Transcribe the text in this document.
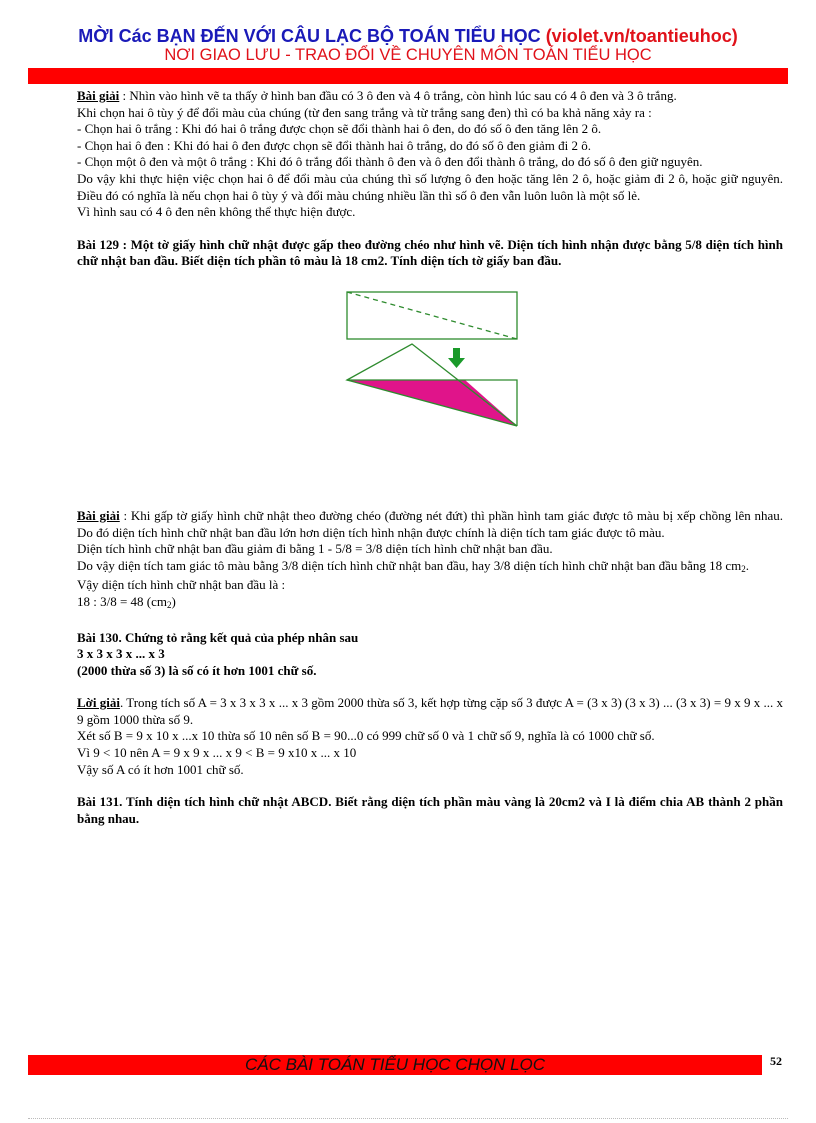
MỜI Các BẠN ĐẾN VỚI CÂU LẠC BỘ TOÁN TIỂU HỌC (violet.vn/toantieuhoc)
NƠI GIAO LƯU - TRAO ĐỔI VỀ CHUYÊN MÔN TOÁN TIỂU HỌC

Bài giải : Nhìn vào hình vẽ ta thấy ở hình ban đầu có 3 ô đen và 4 ô trắng, còn hình lúc sau có 4 ô đen và 3 ô trắng.

Khi chọn hai ô tùy ý để đổi màu của chúng (từ đen sang trắng và từ trắng sang đen) thì có ba khả năng xảy ra :

- Chọn hai ô trắng : Khi đó hai ô trắng được chọn sẽ đổi thành hai ô đen, do đó số ô đen tăng lên 2 ô.

- Chọn hai ô đen : Khi đó hai ô đen được chọn sẽ đổi thành hai ô trắng, do đó số ô đen giảm đi 2 ô.

- Chọn một ô đen và một ô trắng : Khi đó ô trắng đổi thành ô đen và ô đen đổi thành ô trắng, do đó số ô đen giữ nguyên.

Do vậy khi thực hiện việc chọn hai ô để đổi màu của chúng thì số lượng ô đen hoặc tăng lên 2 ô, hoặc giảm đi 2 ô, hoặc giữ nguyên. Điều đó có nghĩa là nếu chọn hai ô tùy ý và đổi màu chúng nhiều lần thì số ô đen vẫn luôn luôn là một số lẻ.

Vì hình sau có 4 ô đen nên không thể thực hiện được.

Bài 129 : Một tờ giấy hình chữ nhật được gấp theo đường chéo như hình vẽ. Diện tích hình nhận được bằng 5/8 diện tích hình chữ nhật ban đầu. Biết diện tích phần tô màu là 18 cm2. Tính diện tích tờ giấy ban đầu.

Bài giải : Khi gấp tờ giấy hình chữ nhật theo đường chéo (đường nét đứt) thì phần hình tam giác được tô màu bị xếp chồng lên nhau. Do đó diện tích hình chữ nhật ban đầu lớn hơn diện tích hình nhận được chính là diện tích tam giác được tô màu.

Diện tích hình chữ nhật ban đầu giảm đi bằng 1 - 5/8 = 3/8 diện tích hình chữ nhật ban đầu.

Do vậy diện tích tam giác tô màu bằng 3/8 diện tích hình chữ nhật ban đầu, hay 3/8 diện tích hình chữ nhật ban đầu bằng 18 $cm_2$.

Vậy diện tích hình chữ nhật ban đầu là :

18 : 3/8 = 48 $(cm_2)$

Bài 130. Chứng tỏ rằng kết quả của phép nhân sau

3 x 3 x 3 x ... x 3

(2000 thừa số 3) là số có ít hơn 1001 chữ số.

Lời giải. Trong tích số A = 3 x 3 x 3 x ... x 3 gồm 2000 thừa số 3, kết hợp từng cặp số 3 được A = (3 x 3) (3 x 3) ... (3 x 3) = 9 x 9 x ... x 9 gồm 1000 thừa số 9.

Xét số B = 9 x 10 x ...x 10 thừa số 10 nên số B = 90...0 có 999 chữ số 0 và 1 chữ số 9, nghĩa là có 1000 chữ số.

Vì 9 < 10 nên A = 9 x 9 x ... x 9 < B = 9 x10 x ... x 10

Vậy số A có ít hơn 1001 chữ số.

Bài 131. Tính diện tích hình chữ nhật ABCD. Biết rằng diện tích phần màu vàng là 20cm2 và I là điểm chia AB thành 2 phần bằng nhau.

CÁC BÀI TOÁN TIỂU HỌC CHỌN LỌC	52
